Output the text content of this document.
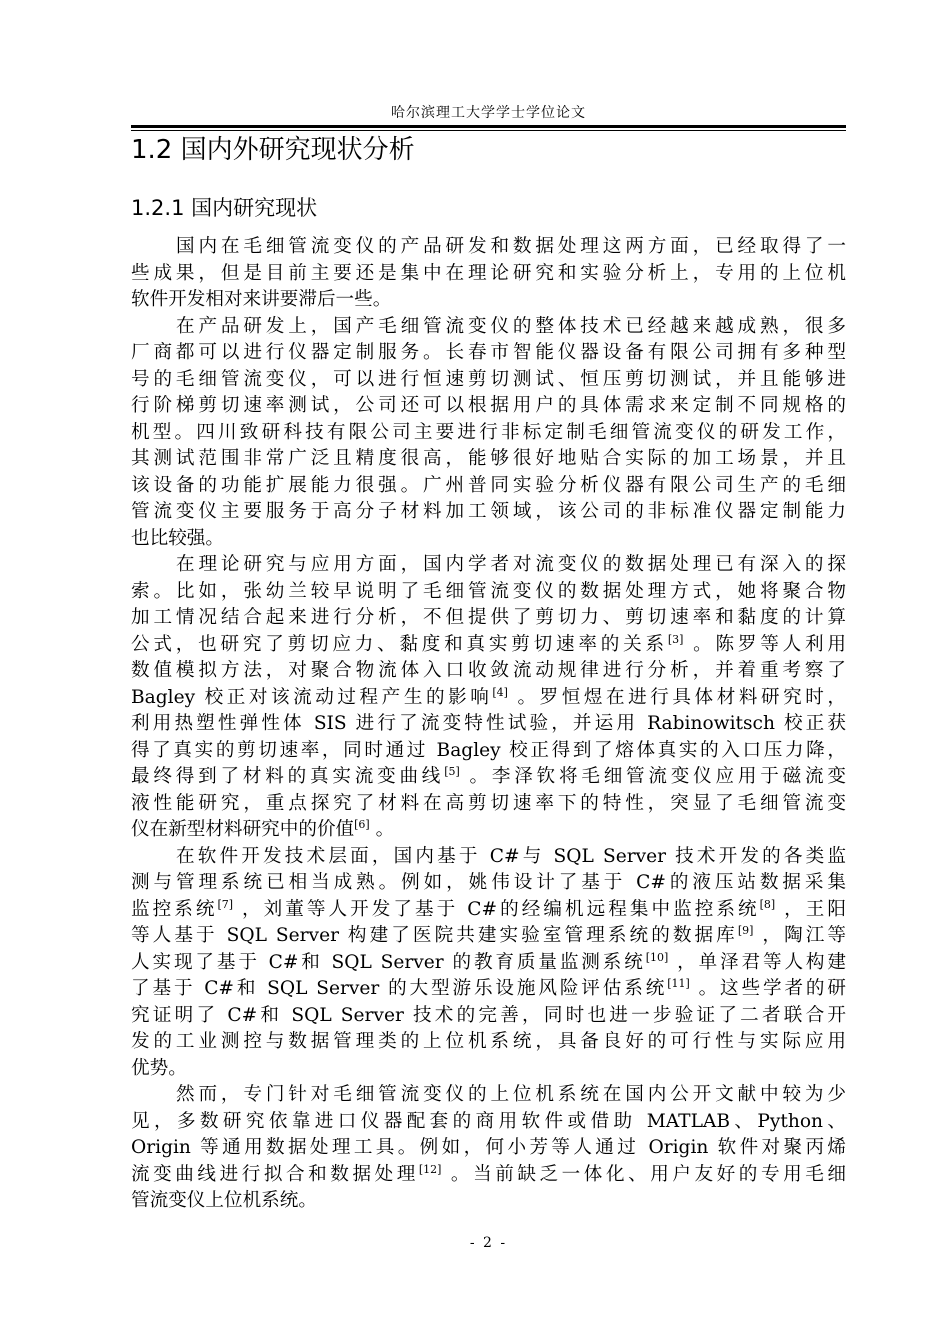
哈尔滨理工大学学士学位论文
1.2 国内外研究现状分析
1.2.1 国内研究现状
国内在毛细管流变仪的产品研发和数据处理这两方面，已经取得了一
些成果，但是目前主要还是集中在理论研究和实验分析上，专用的上位机
软件开发相对来讲要滞后一些。
在产品研发上，国产毛细管流变仪的整体技术已经越来越成熟，很多
厂商都可以进行仪器定制服务。长春市智能仪器设备有限公司拥有多种型
号的毛细管流变仪，可以进行恒速剪切测试、恒压剪切测试，并且能够进
行阶梯剪切速率测试，公司还可以根据用户的具体需求来定制不同规格的
机型。四川致研科技有限公司主要进行非标定制毛细管流变仪的研发工作，
其测试范围非常广泛且精度很高，能够很好地贴合实际的加工场景，并且
该设备的功能扩展能力很强。广州普同实验分析仪器有限公司生产的毛细
管流变仪主要服务于高分子材料加工领域，该公司的非标准仪器定制能力
也比较强。
在理论研究与应用方面，国内学者对流变仪的数据处理已有深入的探
索。比如，张幼兰较早说明了毛细管流变仪的数据处理方式，她将聚合物
加工情况结合起来进行分析，不但提供了剪切力、剪切速率和黏度的计算
公式，也研究了剪切应力、黏度和真实剪切速率的关系[3] 。陈罗等人利用
数值模拟方法，对聚合物流体入口收敛流动规律进行分析，并着重考察了
Bagley 校正对该流动过程产生的影响[4] 。罗恒煜在进行具体材料研究时，
利用热塑性弹性体 SIS 进行了流变特性试验，并运用 Rabinowitsch 校正获
得了真实的剪切速率，同时通过 Bagley 校正得到了熔体真实的入口压力降，
最终得到了材料的真实流变曲线[5] 。李泽钦将毛细管流变仪应用于磁流变
液性能研究，重点探究了材料在高剪切速率下的特性，突显了毛细管流变
仪在新型材料研究中的价值[6] 。
在软件开发技术层面，国内基于 C#与 SQL Server 技术开发的各类监
测与管理系统已相当成熟。例如，姚伟设计了基于 C#的液压站数据采集
监控系统[7] ，刘董等人开发了基于 C#的经编机远程集中监控系统[8] ，王阳
等人基于 SQL Server 构建了医院共建实验室管理系统的数据库[9] ，陶江等
人实现了基于 C#和 SQL Server 的教育质量监测系统[10] ，单泽君等人构建
了基于 C#和 SQL Server 的大型游乐设施风险评估系统[11] 。这些学者的研
究证明了 C#和 SQL Server 技术的完善，同时也进一步验证了二者联合开
发的工业测控与数据管理类的上位机系统，具备良好的可行性与实际应用
优势。
然而，专门针对毛细管流变仪的上位机系统在国内公开文献中较为少
见，多数研究依靠进口仪器配套的商用软件或借助 MATLAB、Python、
Origin 等通用数据处理工具。例如，何小芳等人通过 Origin 软件对聚丙烯
流变曲线进行拟合和数据处理[12] 。当前缺乏一体化、用户友好的专用毛细
管流变仪上位机系统。
- 2 -
